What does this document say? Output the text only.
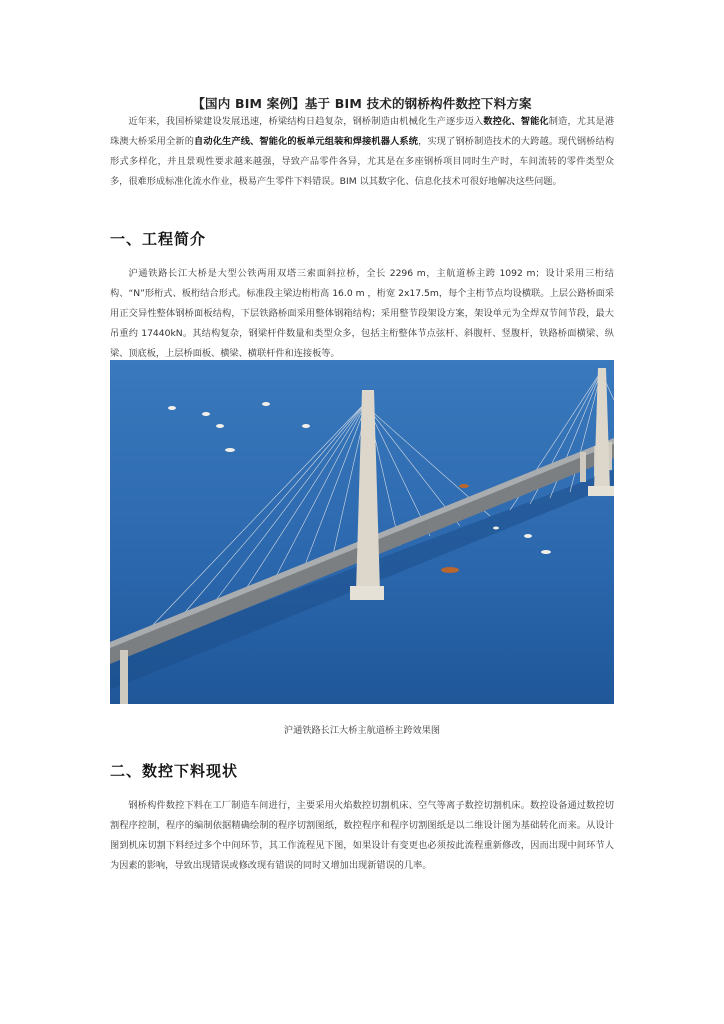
【国内 BIM 案例】基于 BIM 技术的钢桥构件数控下料方案

近年来，我国桥梁建设发展迅速，桥梁结构日趋复杂，钢桥制造由机械化生产逐步迈入数控化、智能化制造，尤其是港珠澳大桥采用全新的自动化生产线、智能化的板单元组装和焊接机器人系统，实现了钢桥制造技术的大跨越。现代钢桥结构形式多样化，并且景观性要求越来越强，导致产品零件各异，尤其是在多座钢桥项目同时生产时，车间流转的零件类型众多，很难形成标准化流水作业，极易产生零件下料错误。BIM 以其数字化、信息化技术可很好地解决这些问题。

一、工程简介

沪通铁路长江大桥是大型公铁两用双塔三索面斜拉桥，全长 2296 m，主航道桥主跨 1092 m；设计采用三桁结构、“N”形桁式、板桁结合形式。标准段主梁边桁桁高 16.0 m ，桁宽 2x17.5m，每个主桁节点均设横联。上层公路桥面采用正交异性整体钢桥面板结构，下层铁路桥面采用整体钢箱结构；采用整节段架设方案，架设单元为全焊双节间节段，最大吊重约 17440kN。其结构复杂，钢梁杆件数量和类型众多，包括主桁整体节点弦杆、斜腹杆、竖腹杆，铁路桥面横梁、纵梁、顶底板，上层桥面板、横梁、横联杆件和连接板等。

沪通铁路长江大桥主航道桥主跨效果图
二、数控下料现状

钢桥构件数控下料在工厂制造车间进行，主要采用火焰数控切割机床、空气等离子数控切割机床。数控设备通过数控切割程序控制，程序的编制依据精确绘制的程序切割图纸，数控程序和程序切割图纸是以二维设计图为基础转化而来。从设计图到机床切割下料经过多个中间环节，其工作流程见下图，如果设计有变更也必须按此流程重新修改，因而出现中间环节人为因素的影响，导致出现错误或修改现有错误的同时又增加出现新错误的几率。
